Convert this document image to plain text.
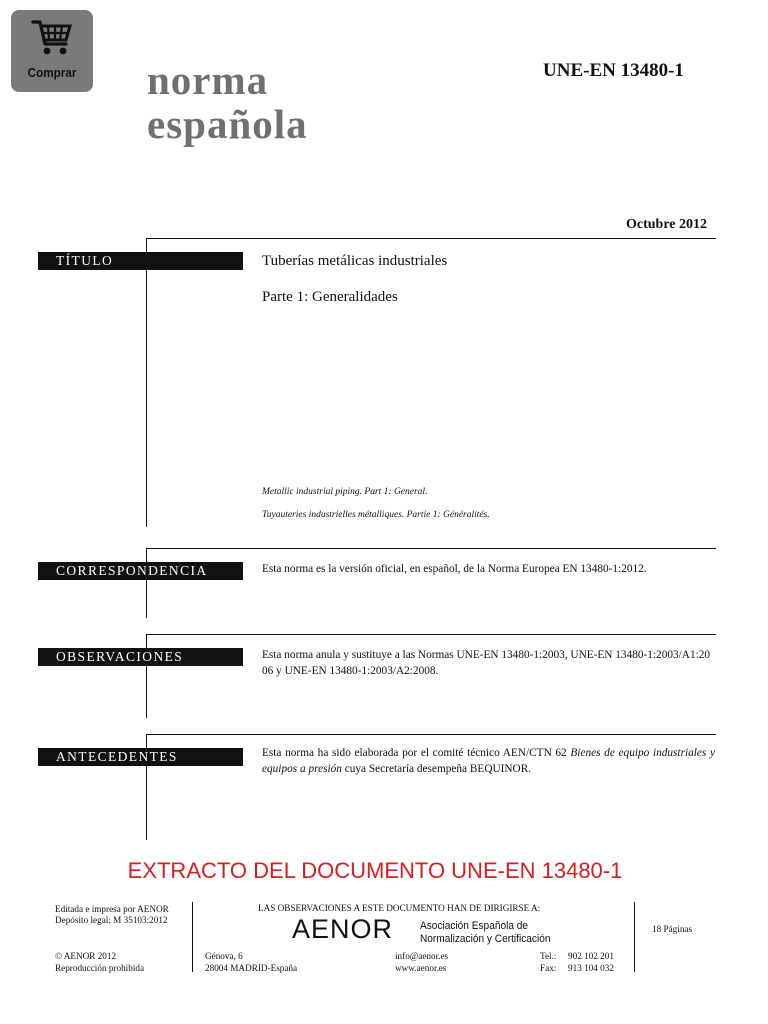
Comprar	norma
española
UNE-EN 13480-1
Octubre 2012
TÍTULO	Tuberías metálicas industriales
Parte 1: Generalidades
Metallic industrial piping. Part 1: General.
Tuyauteries industrielles métalliques. Partie 1: Généralités.
CORRESPONDENCIA	Esta norma es la versión oficial, en español, de la Norma Europea EN 13480-1:2012.
OBSERVACIONES	Esta norma anula y sustituye a las Normas UNE-EN 13480-1:2003, UNE-EN 13480-1:2003/A1:2006 y UNE-EN 13480-1:2003/A2:2008.
ANTECEDENTES	Esta norma ha sido elaborada por el comité técnico AEN/CTN 62 Bienes de equipo industriales y equipos a presión cuya Secretaría desempeña BEQUINOR.
EXTRACTO DEL DOCUMENTO UNE-EN 13480-1
Editada e impresa por AENOR
Depósito legal: M 35103:2012
© AENOR 2012
Reproducción prohibida
LAS OBSERVACIONES A ESTE DOCUMENTO HAN DE DIRIGIRSE A:
AENOR Asociación Española de
Normalización y Certificación
Génova, 6
28004 MADRID-España
info@aenor.es
www.aenor.es
Tel.: 902 102 201
Fax: 913 104 032
18 Páginas
